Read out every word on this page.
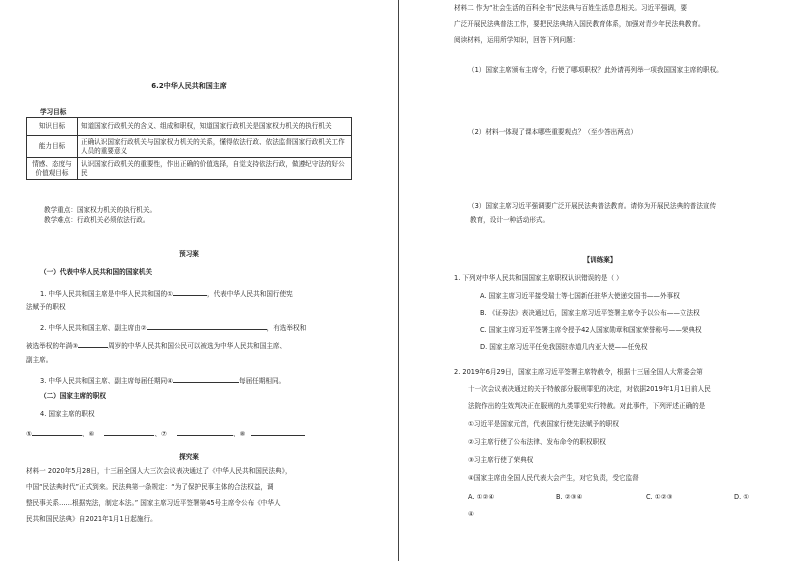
6.2中华人民共和国主席
学习目标
知识目标	知道国家行政机关的含义、组成和职权，知道国家行政机关是国家权力机关的执行机关
能力目标	正确认识国家行政机关与国家权力机关的关系，懂得依法行政、依法监督国家行政机关工作人员的重要意义
情感、态度与价值观目标	认识国家行政机关的重要性，作出正确的价值选择，自觉支持依法行政，做遵纪守法的好公民
教学重点：国家权力机关的执行机关。
教学难点：行政机关必须依法行政。
预习案
（一）代表中华人民共和国的国家机关
1. 中华人民共和国主席是中华人民共和国的①	，代表中华人民共和国行使宪
法赋予的职权
2. 中华人民共和国主席、副主席由②	，有选举权和
被选举权的年满③	周岁的中华人民共和国公民可以被选为中华人民共和国主席、
副主席。
3. 中华人民共和国主席、副主席每届任期同④	每届任期相同。
（二）国家主席的职权
4. 国家主席的职权
⑤	、⑥	、⑦	、⑧
探究案
材料一 2020年5月28日，十三届全国人大三次会议表决通过了《中华人民共和国民法典》，
中国“民法典时代”正式到来。民法典第一条规定：“为了保护民事主体的合法权益，调
整民事关系……根据宪法，制定本法。” 国家主席习近平签署第45号主席令公布《中华人
民共和国民法典》自2021年1月1日起施行。
材料二 作为“社会生活的百科全书”民法典与百姓生活息息相关。习近平强调，要
广泛开展民法典普法工作，要把民法典纳入国民教育体系，加强对青少年民法典教育。
阅读材料，运用所学知识，回答下列问题：
（1）国家主席颁布主席令，行使了哪项职权？此外请再列举一项我国国家主席的职权。
（2）材料一体现了课本哪些重要观点？（至少答出两点）
（3）国家主席习近平强调要广泛开展民法典普法教育。请你为开展民法典的普法宣传
教育，设计一种活动形式。
【训练案】
1. 下列对中华人民共和国国家主席职权认识错误的是（ ）
A. 国家主席习近平接受瑞士等七国新任驻华大使递交国书——外事权
B. 《证券法》表决通过后，国家主席习近平签署主席令予以公布——立法权
C. 国家主席习近平签署主席令授予42人国家勋章和国家荣誉称号——荣典权
D. 国家主席习近平任免我国驻赤道几内亚大使——任免权
2. 2019年6月29日，国家主席习近平签署主席特赦令，根据十三届全国人大常委会第
十一次会议表决通过的关于特赦部分服刑罪犯的决定，对依据2019年1月1日前人民
法院作出的生效判决正在服刑的九类罪犯实行特赦。对此事件，下列评述正确的是
①习近平是国家元首，代表国家行使先法赋予的职权
②习主席行使了公布法律、发布命令的职权职权
③习主席行使了荣典权
④国家主席由全国人民代表大会产生，对它负责，受它监督
A. ①②④	B. ②③④	C. ①②③	D. ①
④
